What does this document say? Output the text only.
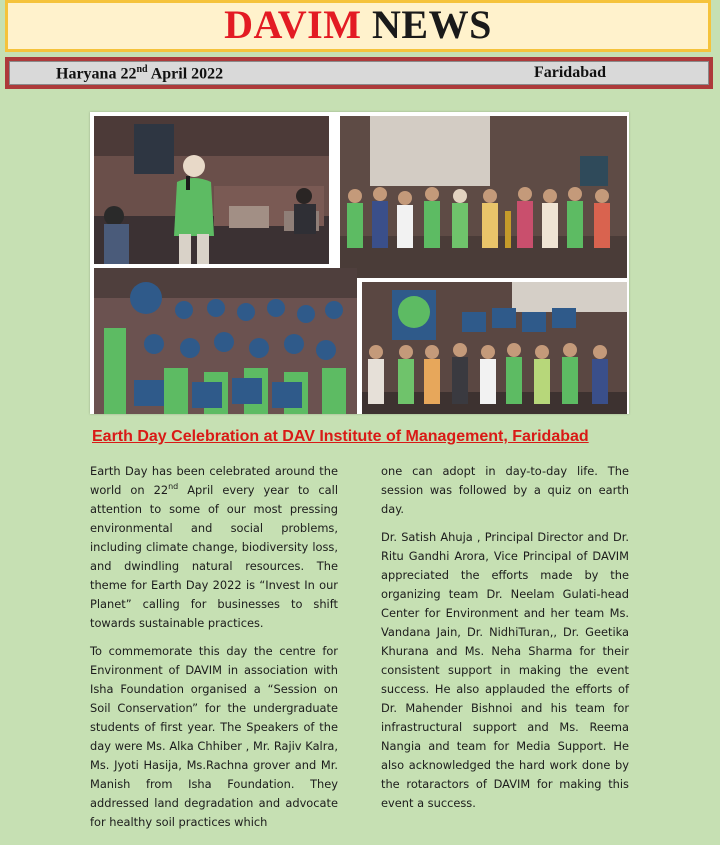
DAVIM NEWS
Haryana 22nd April 2022	Faridabad
Earth Day Celebration at DAV Institute of Management, Faridabad

Earth Day has been celebrated around the world on 22nd April every year to call attention to some of our most pressing environmental and social problems, including climate change, biodiversity loss, and dwindling natural resources. The theme for Earth Day 2022 is “Invest In our Planet” calling for businesses to shift towards sustainable practices.

To commemorate this day the centre for Environment of DAVIM in association with Isha Foundation organised a “Session on Soil Conservation” for the undergraduate students of first year. The Speakers of the day were Ms. Alka Chhiber , Mr. Rajiv Kalra, Ms. Jyoti Hasija, Ms.Rachna grover and Mr. Manish from Isha Foundation. They addressed land degradation and advocate for healthy soil practices which

one can adopt in day-to-day life. The session was followed by a quiz on earth day.

Dr. Satish Ahuja , Principal Director and Dr. Ritu Gandhi Arora, Vice Principal of DAVIM appreciated the efforts made by the organizing team Dr. Neelam Gulati-head Center for Environment and her team Ms. Vandana Jain, Dr. NidhiTuran,, Dr. Geetika Khurana and Ms. Neha Sharma for their consistent support in making the event success. He also applauded the efforts of Dr. Mahender Bishnoi and his team for infrastructural support and Ms. Reema Nangia and team for Media Support. He also acknowledged the hard work done by the rotaractors of DAVIM for making this event a success.
